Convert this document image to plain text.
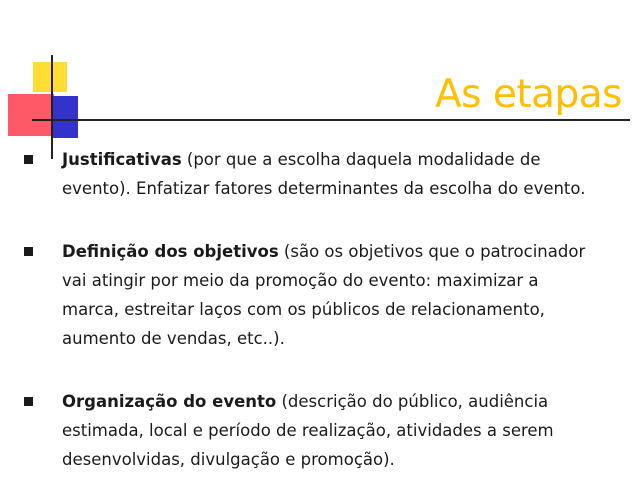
As etapas

Justificativas (por que a escolha daquela modalidade de
evento). Enfatizar fatores determinantes da escolha do evento.

Definição dos objetivos (são os objetivos que o patrocinador
vai atingir por meio da promoção do evento: maximizar a
marca, estreitar laços com os públicos de relacionamento,
aumento de vendas, etc..).

Organização do evento (descrição do público, audiência
estimada, local e período de realização, atividades a serem
desenvolvidas, divulgação e promoção).
